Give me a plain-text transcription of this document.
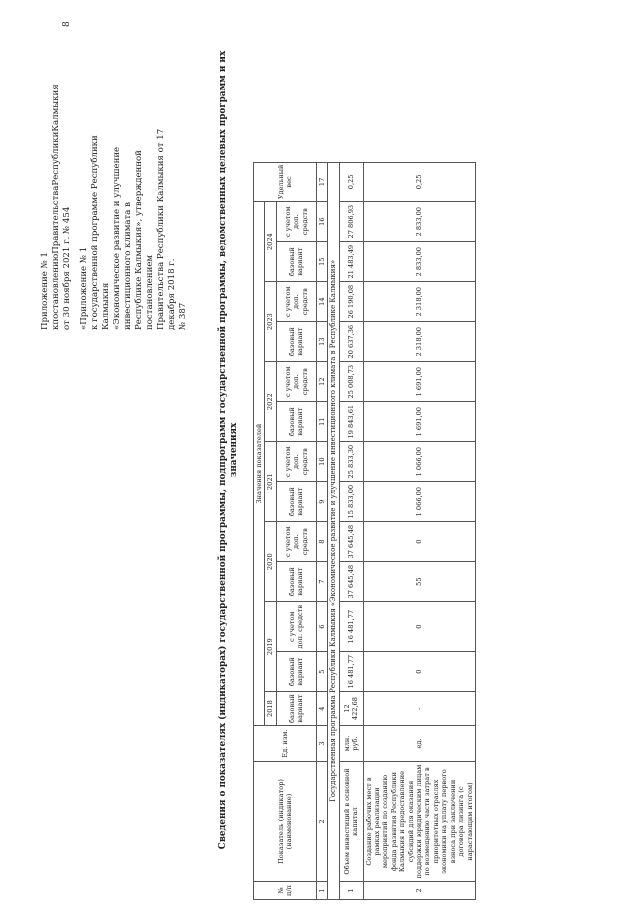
Приложение № 1 к
постановлению
Правительства
Республики
Калмыкия
от 30 ноября 2021 г. № 454 «Приложение № 1 к государственной программе Республики Калмыкия «Экономическое развитие и улучшение инвестиционного климата в Республике Калмыкия», утвержденной постановлением Правительства Республики Калмыкия от 17 декабря 2018 г. № 387	Сведения о показателях (индикаторах) государственной программы, подпрограмм государственной программы, ведомственных целевых программ и их значениях
№ п/п	Показатель (индикатор) (наименование)	Ед. изм.	Значения показателей													Удельный вес
			2018	2019		2020		2021		2022		2023		2024		
			базовый вариант	базовый вариант	с учетом доп. средств	базовый вариант	с учетом доп. средств	базовый вариант	с учетом доп. средств	базовый вариант	с учетом доп. средств	базовый вариант	с учетом доп. средств	базовый вариант	с учетом доп. средств	
1	2	3	4	5	6	7	8	9	10	11	12	13	14	15	16	17
Государственная программа Республики Калмыкия «Экономическое развитие и улучшение инвестиционного климата в Республике Калмыкия»																
1	Объем инвестиций в основной капитал	млн. руб.	12 422,68	16 481,77	16 481,77	37 645,48	37 645,48	15 833,00	25 833,30	19 843,61	25 008,73	20 637,36	26 190,08	21 483,49	27 806,93	0,25
2	Создание рабочих мест в рамках реализации мероприятий по созданию фонда развития Республики Калмыкия и предоставление субсидий для оказания поддержки юридическим лицам по возмещению части затрат в приоритетных отраслях экономики на уплату первого взноса при заключении договора лизинга (с нарастающим итогом)	ед.	-	0	0	55	0	1 066,00	1 066,00	1 691,00	1 691,00	2 318,00	2 318,00	2 833,00	2 833,00	0,25
8
